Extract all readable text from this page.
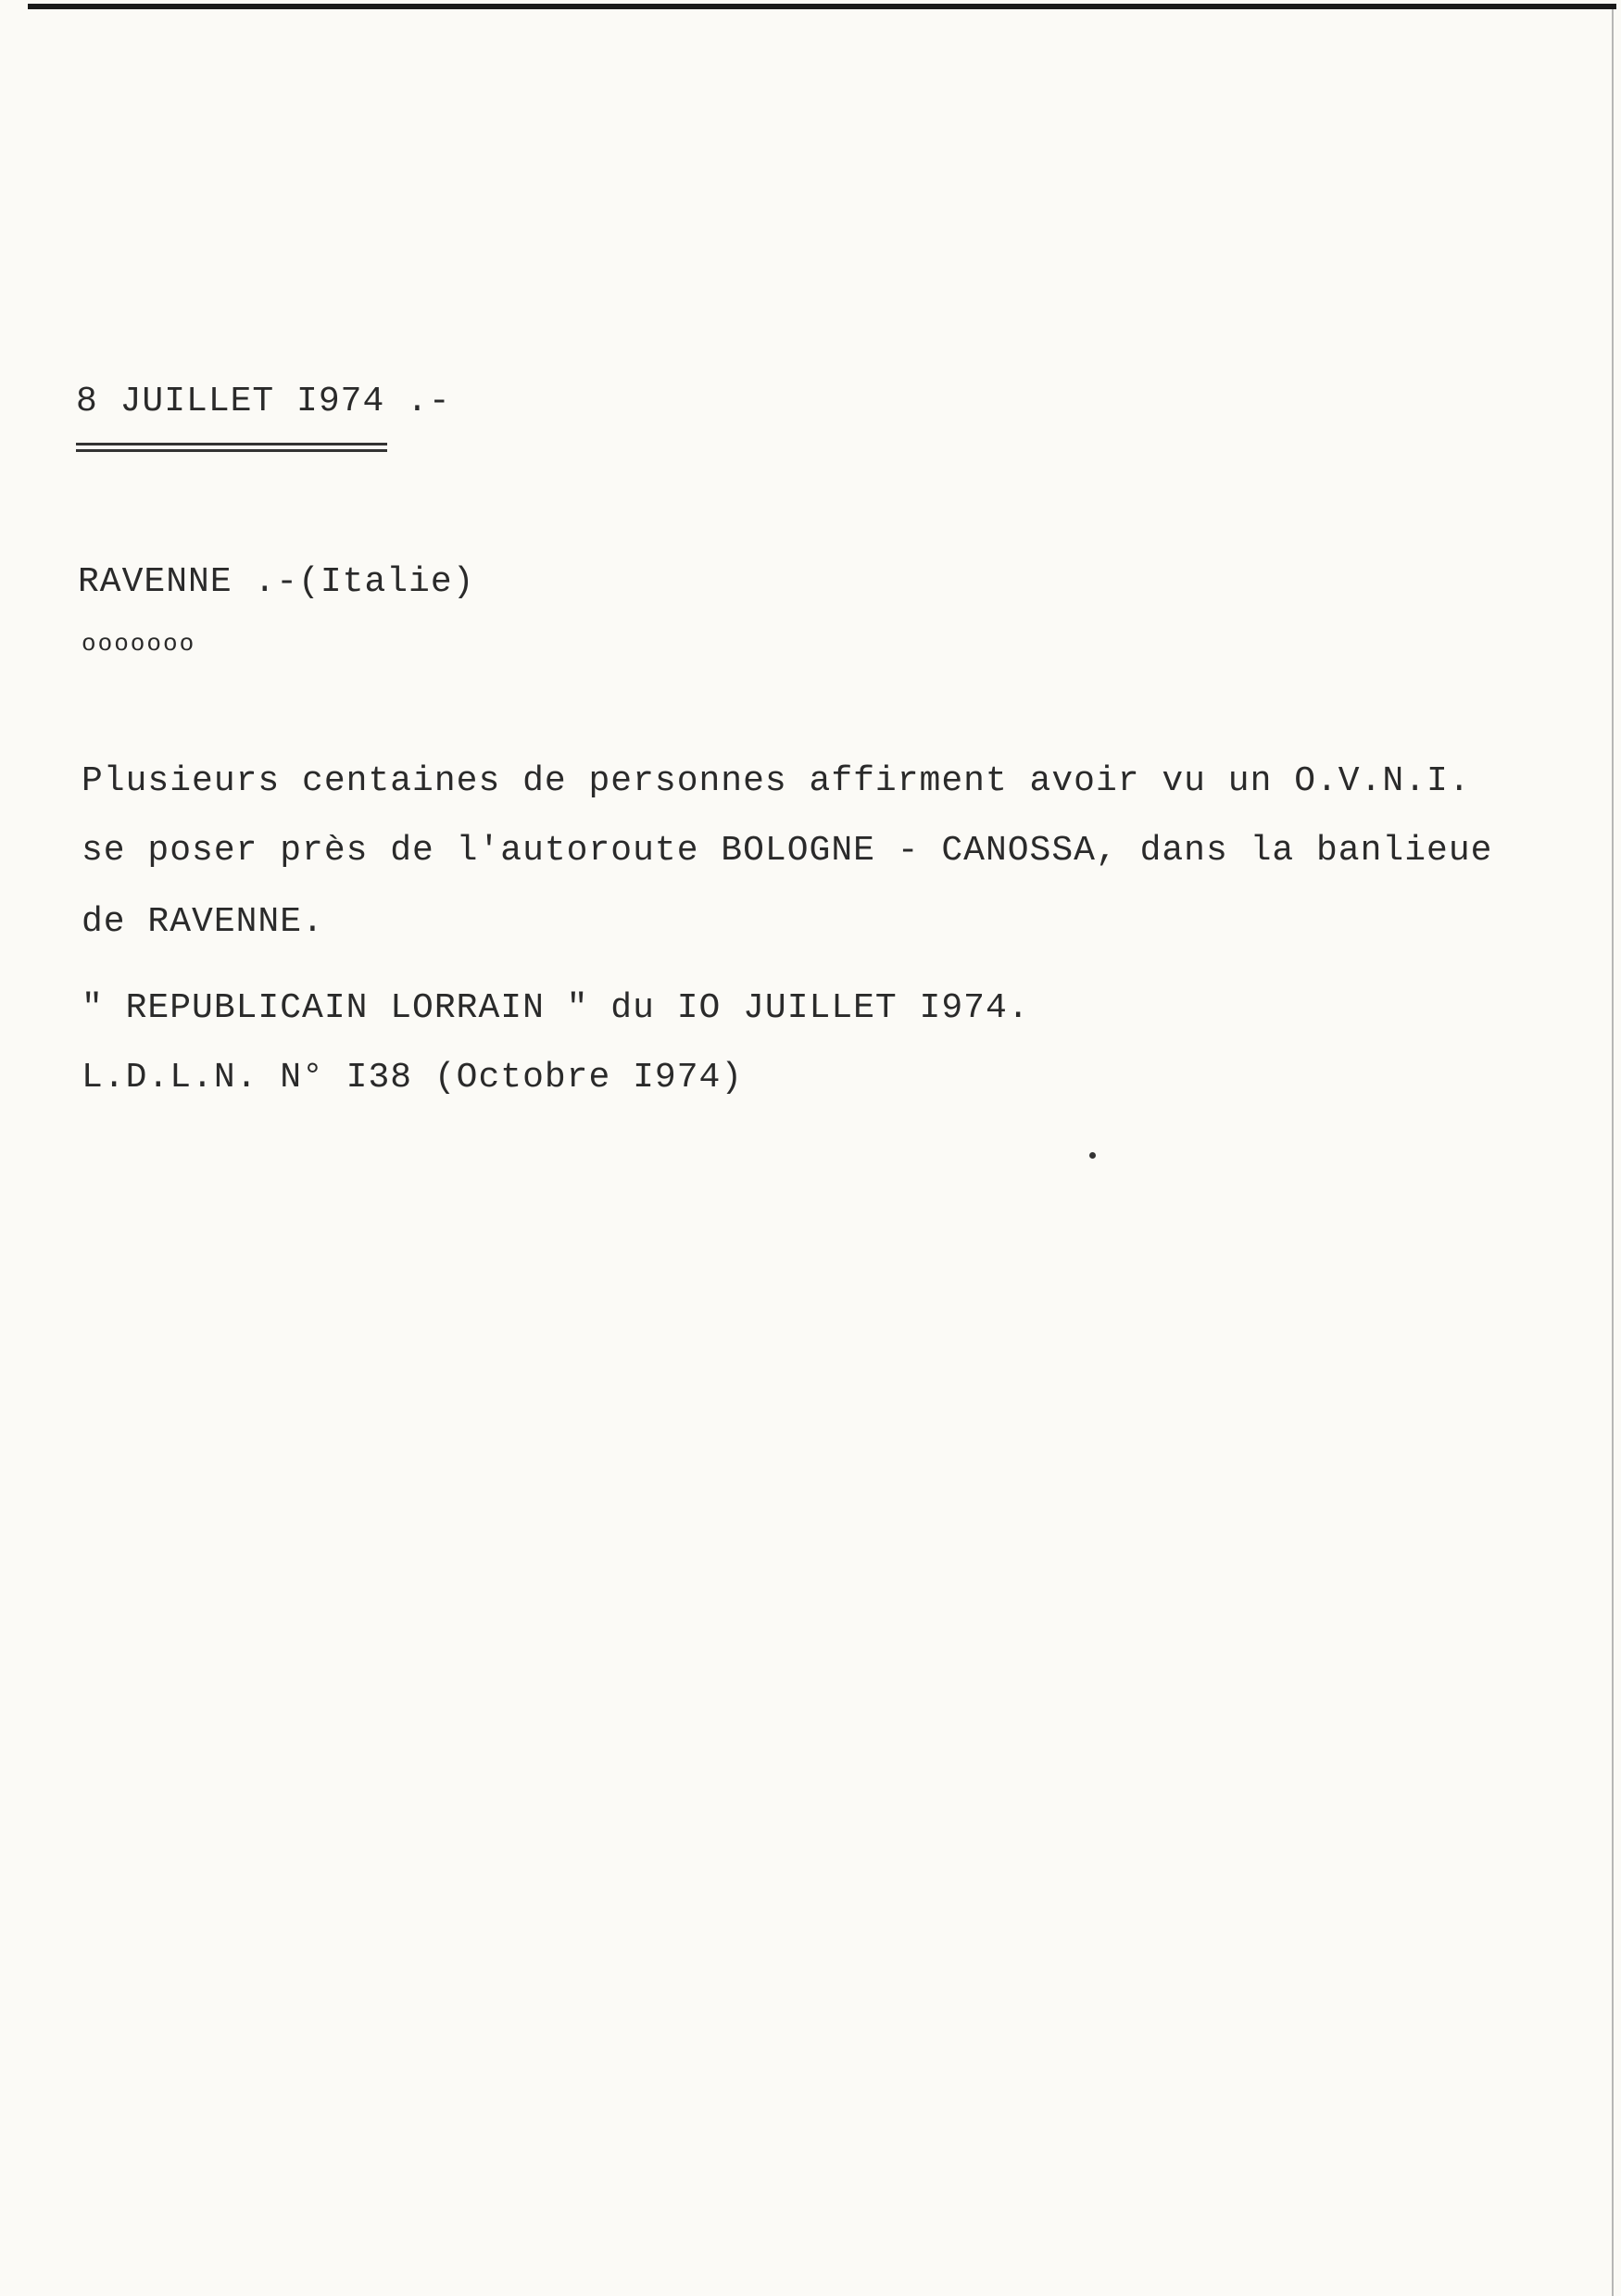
8 JUILLET I974 .-
RAVENNE .-(Italie)
ooooooo
Plusieurs centaines de personnes affirment avoir vu un O.V.N.I.
se poser près de l'autoroute BOLOGNE - CANOSSA, dans la banlieue
de RAVENNE.
" REPUBLICAIN LORRAIN " du IO JUILLET I974.
L.D.L.N. N° I38 (Octobre I974)
